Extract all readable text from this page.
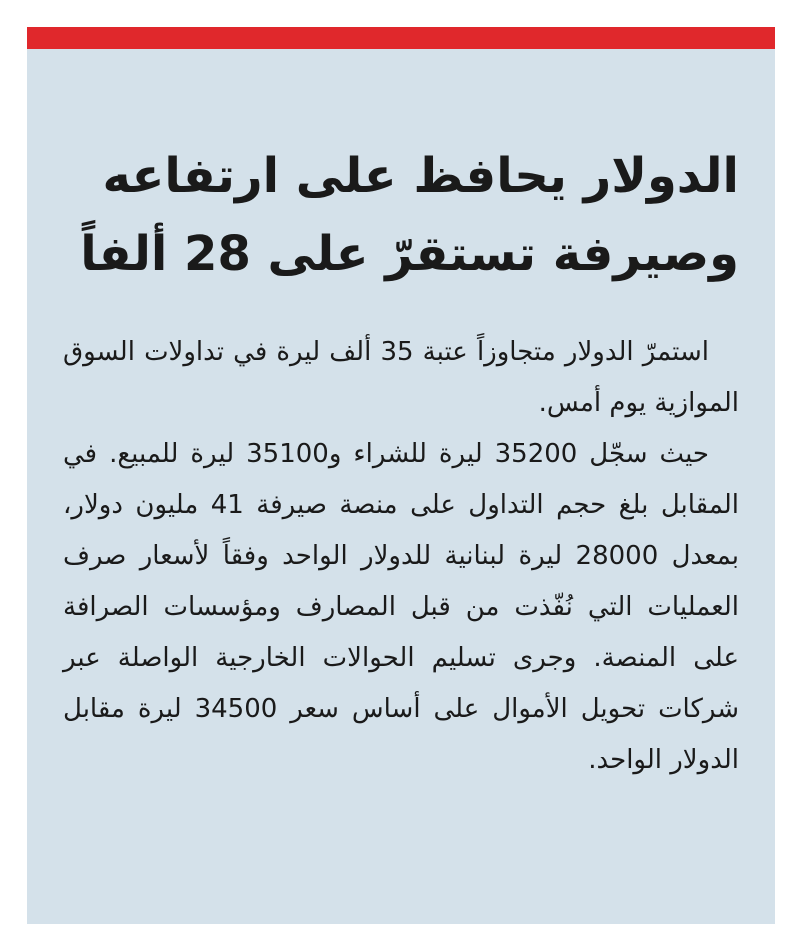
الدولار يحافظ على ارتفاعه
وصيرفة تستقرّ على 28 ألفاً

استمرّ الدولار متجاوزاً عتبة 35 ألف ليرة في تداولات السوق الموازية يوم أمس.

حيث سجّل 35200 ليرة للشراء و35100 ليرة للمبيع. في المقابل بلغ حجم التداول على منصة صيرفة 41 مليون دولار، بمعدل 28000 ليرة لبنانية للدولار الواحد وفقاً لأسعار صرف العمليات التي نُفّذت من قبل المصارف ومؤسسات الصرافة على المنصة. وجرى تسليم الحوالات الخارجية الواصلة عبر شركات تحويل الأموال على أساس سعر 34500 ليرة مقابل الدولار الواحد.
